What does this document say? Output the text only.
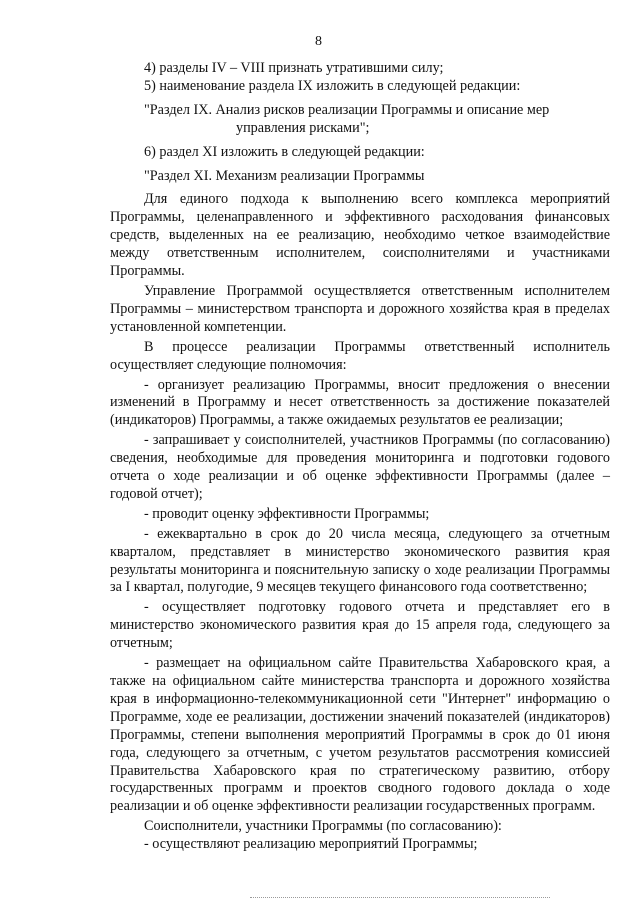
8

4) разделы IV – VIII признать утратившими силу;

5) наименование раздела IX изложить в следующей редакции:

"Раздел IX. Анализ рисков реализации Программы и описание мер

управления рисками";

6) раздел XI изложить в следующей редакции:

"Раздел XI. Механизм реализации Программы

Для единого подхода к выполнению всего комплекса мероприятий Программы, целенаправленного и эффективного расходования финансовых средств, выделенных на ее реализацию, необходимо четкое взаимодействие между ответственным исполнителем, соисполнителями и участниками Программы.

Управление Программой осуществляется ответственным исполнителем Программы – министерством транспорта и дорожного хозяйства края в пределах установленной компетенции.

В процессе реализации Программы ответственный исполнитель осуществляет следующие полномочия:

- организует реализацию Программы, вносит предложения о внесении изменений в Программу и несет ответственность за достижение показателей (индикаторов) Программы, а также ожидаемых результатов ее реализации;

- запрашивает у соисполнителей, участников Программы (по согласованию) сведения, необходимые для проведения мониторинга и подготовки годового отчета о ходе реализации и об оценке эффективности Программы (далее – годовой отчет);

- проводит оценку эффективности Программы;

- ежеквартально в срок до 20 числа месяца, следующего за отчетным кварталом, представляет в министерство экономического развития края результаты мониторинга и пояснительную записку о ходе реализации Программы за I квартал, полугодие, 9 месяцев текущего финансового года соответственно;

- осуществляет подготовку годового отчета и представляет его в министерство экономического развития края до 15 апреля года, следующего за отчетным;

- размещает на официальном сайте Правительства Хабаровского края, а также на официальном сайте министерства транспорта и дорожного хозяйства края в информационно-телекоммуникационной сети "Интернет" информацию о Программе, ходе ее реализации, достижении значений показателей (индикаторов) Программы, степени выполнения мероприятий Программы в срок до 01 июня года, следующего за отчетным, с учетом результатов рассмотрения комиссией Правительства Хабаровского края по стратегическому развитию, отбору государственных программ и проектов сводного годового доклада о ходе реализации и об оценке эффективности реализации государственных программ.

Соисполнители, участники Программы (по согласованию):

- осуществляют реализацию мероприятий Программы;
